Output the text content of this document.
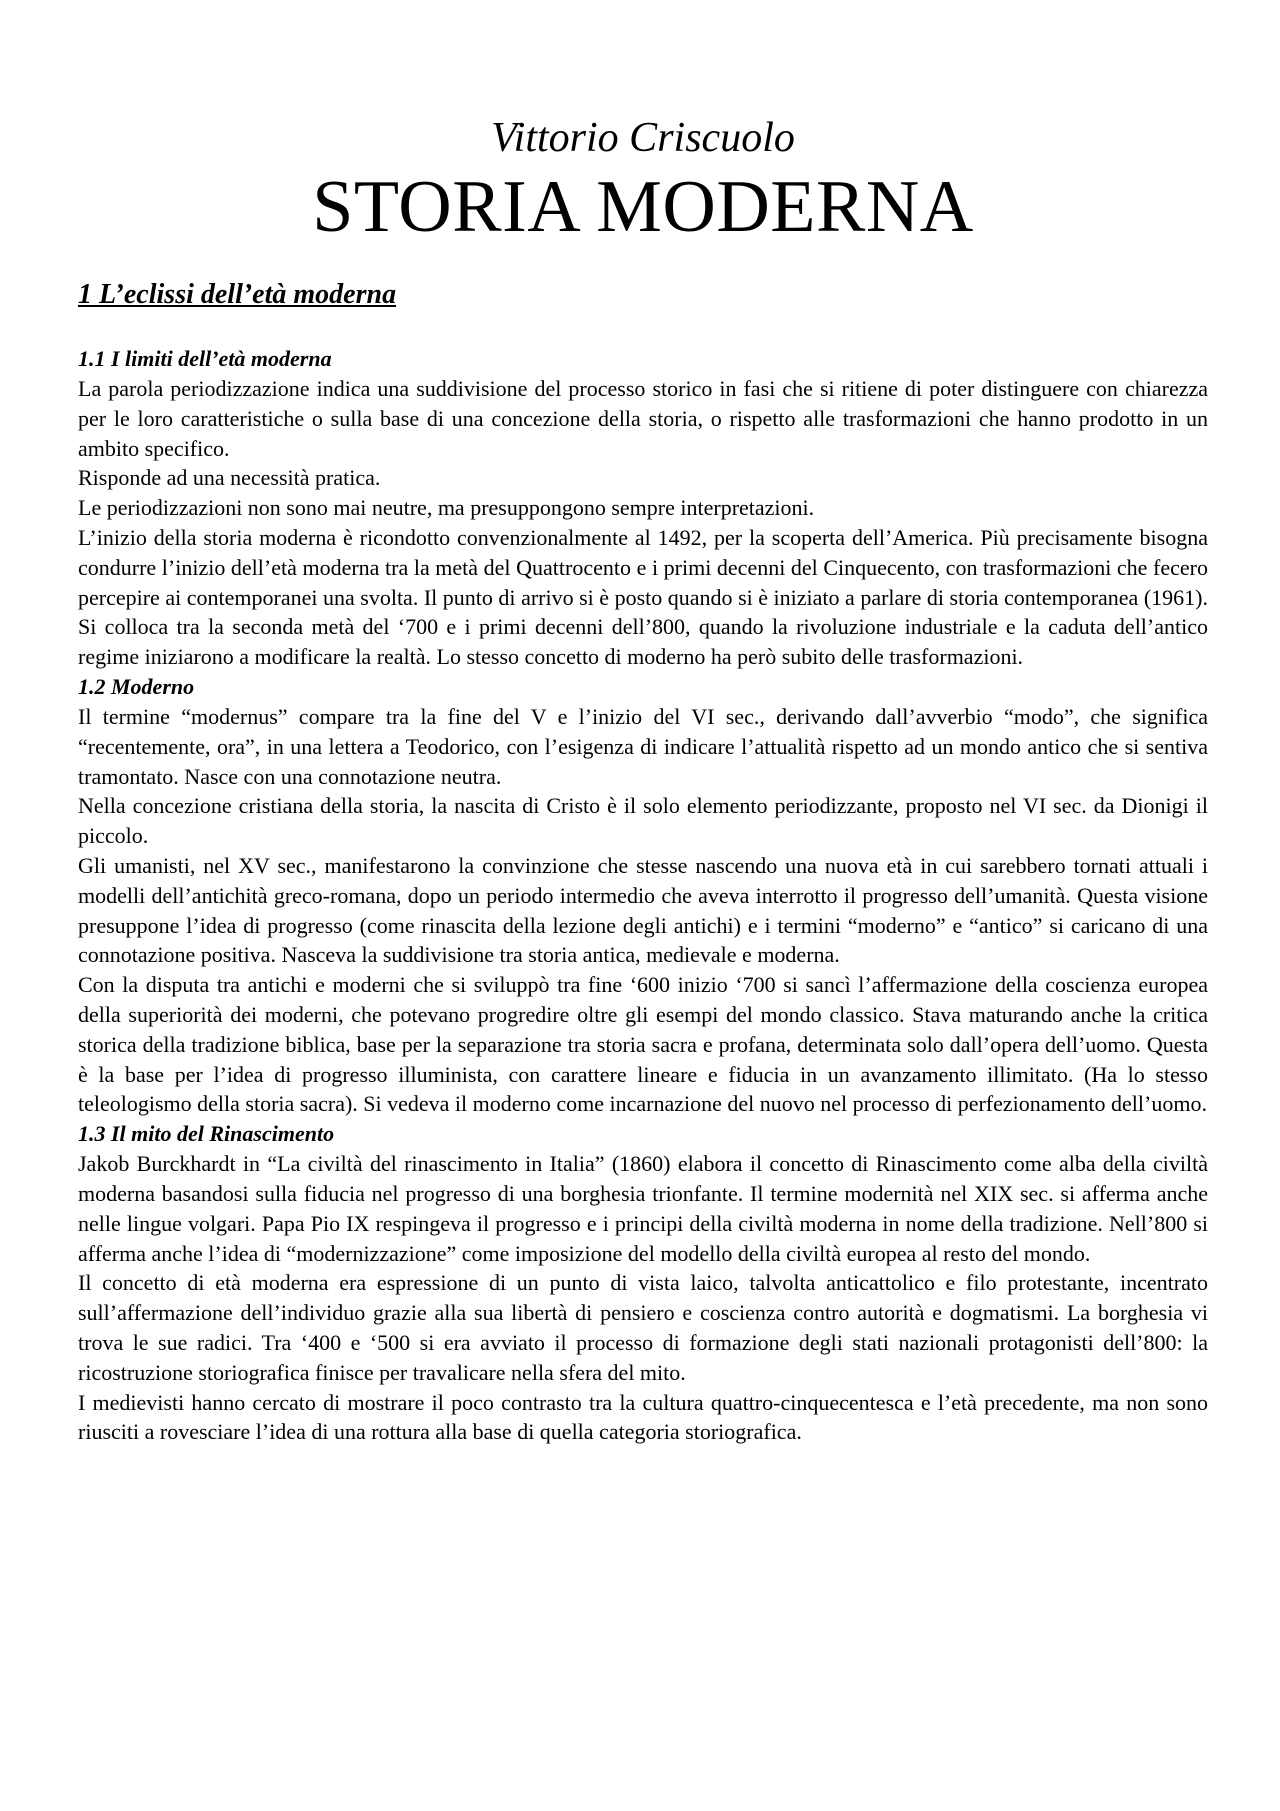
Vittorio Criscuolo
STORIA MODERNA
1 L’eclissi dell’età moderna
1.1 I limiti dell’età moderna

La parola periodizzazione indica una suddivisione del processo storico in fasi che si ritiene di poter distinguere con chiarezza per le loro caratteristiche o sulla base di una concezione della storia, o rispetto alle trasformazioni che hanno prodotto in un ambito specifico.

Risponde ad una necessità pratica.

Le periodizzazioni non sono mai neutre, ma presuppongono sempre interpretazioni.

L’inizio della storia moderna è ricondotto convenzionalmente al 1492, per la scoperta dell’America. Più precisamente bisogna condurre l’inizio dell’età moderna tra la metà del Quattrocento e i primi decenni del Cinquecento, con trasformazioni che fecero percepire ai contemporanei una svolta. Il punto di arrivo si è posto quando si è iniziato a parlare di storia contemporanea (1961). Si colloca tra la seconda metà del ‘700 e i primi decenni dell’800, quando la rivoluzione industriale e la caduta dell’antico regime iniziarono a modificare la realtà. Lo stesso concetto di moderno ha però subito delle trasformazioni.

1.2 Moderno

Il termine “modernus” compare tra la fine del V e l’inizio del VI sec., derivando dall’avverbio “modo”, che significa “recentemente, ora”, in una lettera a Teodorico, con l’esigenza di indicare l’attualità rispetto ad un mondo antico che si sentiva tramontato. Nasce con una connotazione neutra.

Nella concezione cristiana della storia, la nascita di Cristo è il solo elemento periodizzante, proposto nel VI sec. da Dionigi il piccolo.

Gli umanisti, nel XV sec., manifestarono la convinzione che stesse nascendo una nuova età in cui sarebbero tornati attuali i modelli dell’antichità greco-romana, dopo un periodo intermedio che aveva interrotto il progresso dell’umanità. Questa visione presuppone l’idea di progresso (come rinascita della lezione degli antichi) e i termini “moderno” e “antico” si caricano di una connotazione positiva. Nasceva la suddivisione tra storia antica, medievale e moderna.

Con la disputa tra antichi e moderni che si sviluppò tra fine ‘600 inizio ‘700 si sancì l’affermazione della coscienza europea della superiorità dei moderni, che potevano progredire oltre gli esempi del mondo classico. Stava maturando anche la critica storica della tradizione biblica, base per la separazione tra storia sacra e profana, determinata solo dall’opera dell’uomo. Questa è la base per l’idea di progresso illuminista, con carattere lineare e fiducia in un avanzamento illimitato. (Ha lo stesso teleologismo della storia sacra). Si vedeva il moderno come incarnazione del nuovo nel processo di perfezionamento dell’uomo.

1.3 Il mito del Rinascimento

Jakob Burckhardt in “La civiltà del rinascimento in Italia” (1860) elabora il concetto di Rinascimento come alba della civiltà moderna basandosi sulla fiducia nel progresso di una borghesia trionfante. Il termine modernità nel XIX sec. si afferma anche nelle lingue volgari. Papa Pio IX respingeva il progresso e i principi della civiltà moderna in nome della tradizione. Nell’800 si afferma anche l’idea di “modernizzazione” come imposizione del modello della civiltà europea al resto del mondo.

Il concetto di età moderna era espressione di un punto di vista laico, talvolta anticattolico e filo protestante, incentrato sull’affermazione dell’individuo grazie alla sua libertà di pensiero e coscienza contro autorità e dogmatismi. La borghesia vi trova le sue radici. Tra ‘400 e ‘500 si era avviato il processo di formazione degli stati nazionali protagonisti dell’800: la ricostruzione storiografica finisce per travalicare nella sfera del mito.

I medievisti hanno cercato di mostrare il poco contrasto tra la cultura quattro-cinquecentesca e l’età precedente, ma non sono riusciti a rovesciare l’idea di una rottura alla base di quella categoria storiografica.
